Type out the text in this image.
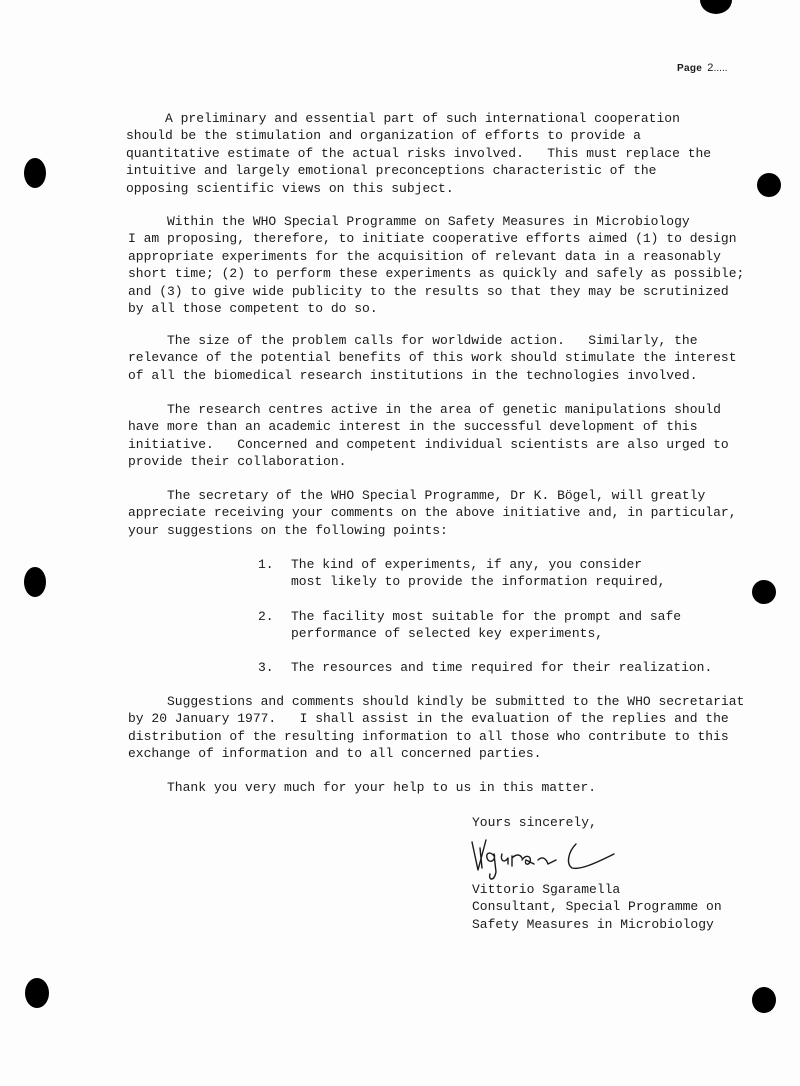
Page 2.....
A preliminary and essential part of such international cooperation
should be the stimulation and organization of efforts to provide a
quantitative estimate of the actual risks involved.   This must replace the
intuitive and largely emotional preconceptions characteristic of the
opposing scientific views on this subject.
Within the WHO Special Programme on Safety Measures in Microbiology
I am proposing, therefore, to initiate cooperative efforts aimed (1) to design
appropriate experiments for the acquisition of relevant data in a reasonably
short time; (2) to perform these experiments as quickly and safely as possible;
and (3) to give wide publicity to the results so that they may be scrutinized
by all those competent to do so.
The size of the problem calls for worldwide action.   Similarly, the
relevance of the potential benefits of this work should stimulate the interest
of all the biomedical research institutions in the technologies involved.
The research centres active in the area of genetic manipulations should
have more than an academic interest in the successful development of this
initiative.   Concerned and competent individual scientists are also urged to
provide their collaboration.
The secretary of the WHO Special Programme, Dr K. Bögel, will greatly
appreciate receiving your comments on the above initiative and, in particular,
your suggestions on the following points:
1. The kind of experiments, if any, you consider
most likely to provide the information required,
2. The facility most suitable for the prompt and safe
performance of selected key experiments,
3. The resources and time required for their realization.
Suggestions and comments should kindly be submitted to the WHO secretariat
by 20 January 1977.   I shall assist in the evaluation of the replies and the
distribution of the resulting information to all those who contribute to this
exchange of information and to all concerned parties.
Thank you very much for your help to us in this matter.
Yours sincerely,
Vittorio Sgaramella
Consultant, Special Programme on
Safety Measures in Microbiology
